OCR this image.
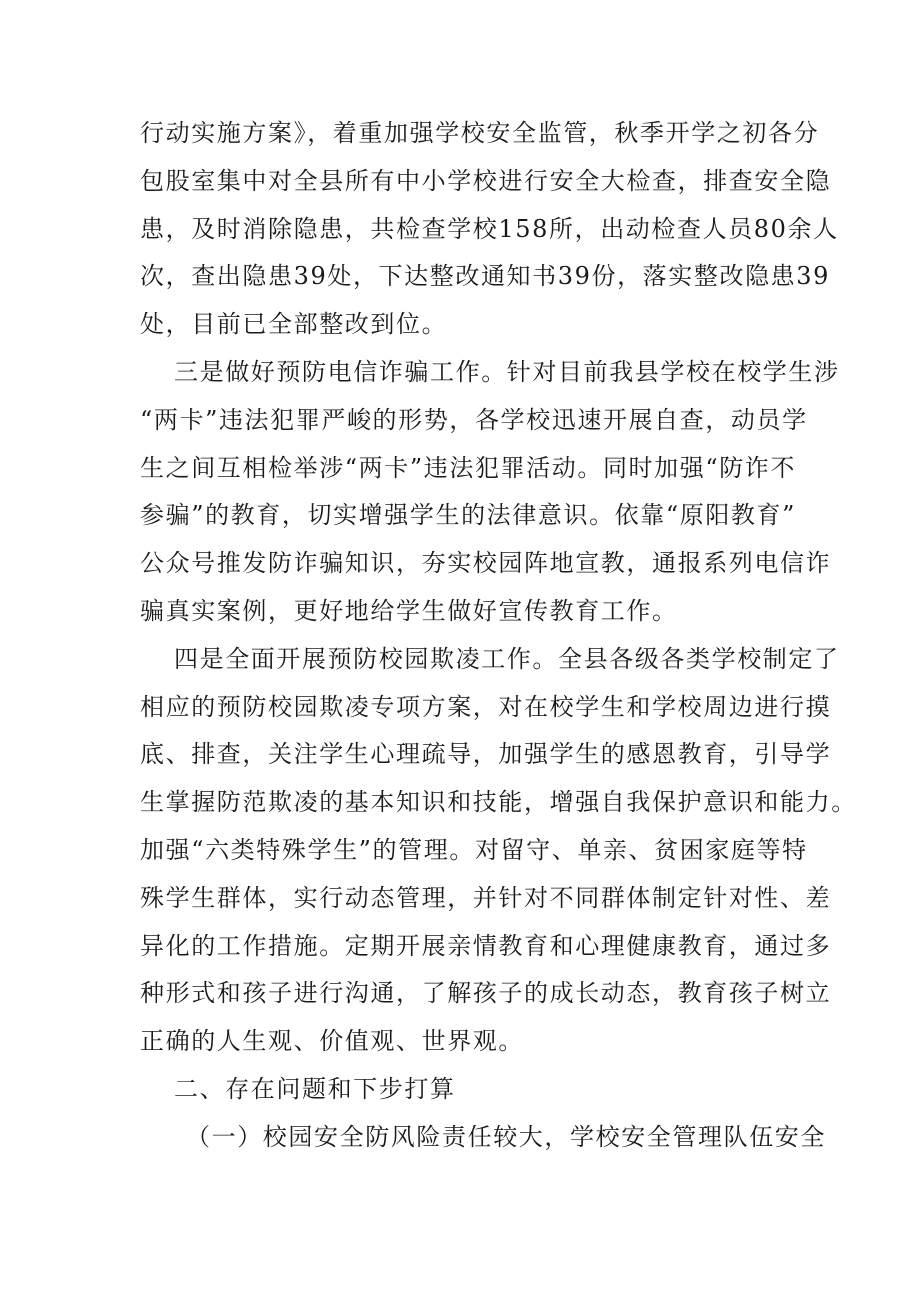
行动实施方案》，着重加强学校安全监管，秋季开学之初各分
包股室集中对全县所有中小学校进行安全大检查，排查安全隐
患，及时消除隐患，共检查学校158所，出动检查人员80余人
次，查出隐患39处，下达整改通知书39份，落实整改隐患39
处，目前已全部整改到位。
三是做好预防电信诈骗工作。针对目前我县学校在校学生涉
“两卡”违法犯罪严峻的形势，各学校迅速开展自查，动员学
生之间互相检举涉“两卡”违法犯罪活动。同时加强“防诈不
参骗”的教育，切实增强学生的法律意识。依靠“原阳教育”
公众号推发防诈骗知识，夯实校园阵地宣教，通报系列电信诈
骗真实案例，更好地给学生做好宣传教育工作。
四是全面开展预防校园欺凌工作。全县各级各类学校制定了
相应的预防校园欺凌专项方案，对在校学生和学校周边进行摸
底、排查，关注学生心理疏导，加强学生的感恩教育，引导学
生掌握防范欺凌的基本知识和技能，增强自我保护意识和能力。
加强“六类特殊学生”的管理。对留守、单亲、贫困家庭等特
殊学生群体，实行动态管理，并针对不同群体制定针对性、差
异化的工作措施。定期开展亲情教育和心理健康教育，通过多
种形式和孩子进行沟通，了解孩子的成长动态，教育孩子树立
正确的人生观、价值观、世界观。
二、存在问题和下步打算
（一）校园安全防风险责任较大，学校安全管理队伍安全
